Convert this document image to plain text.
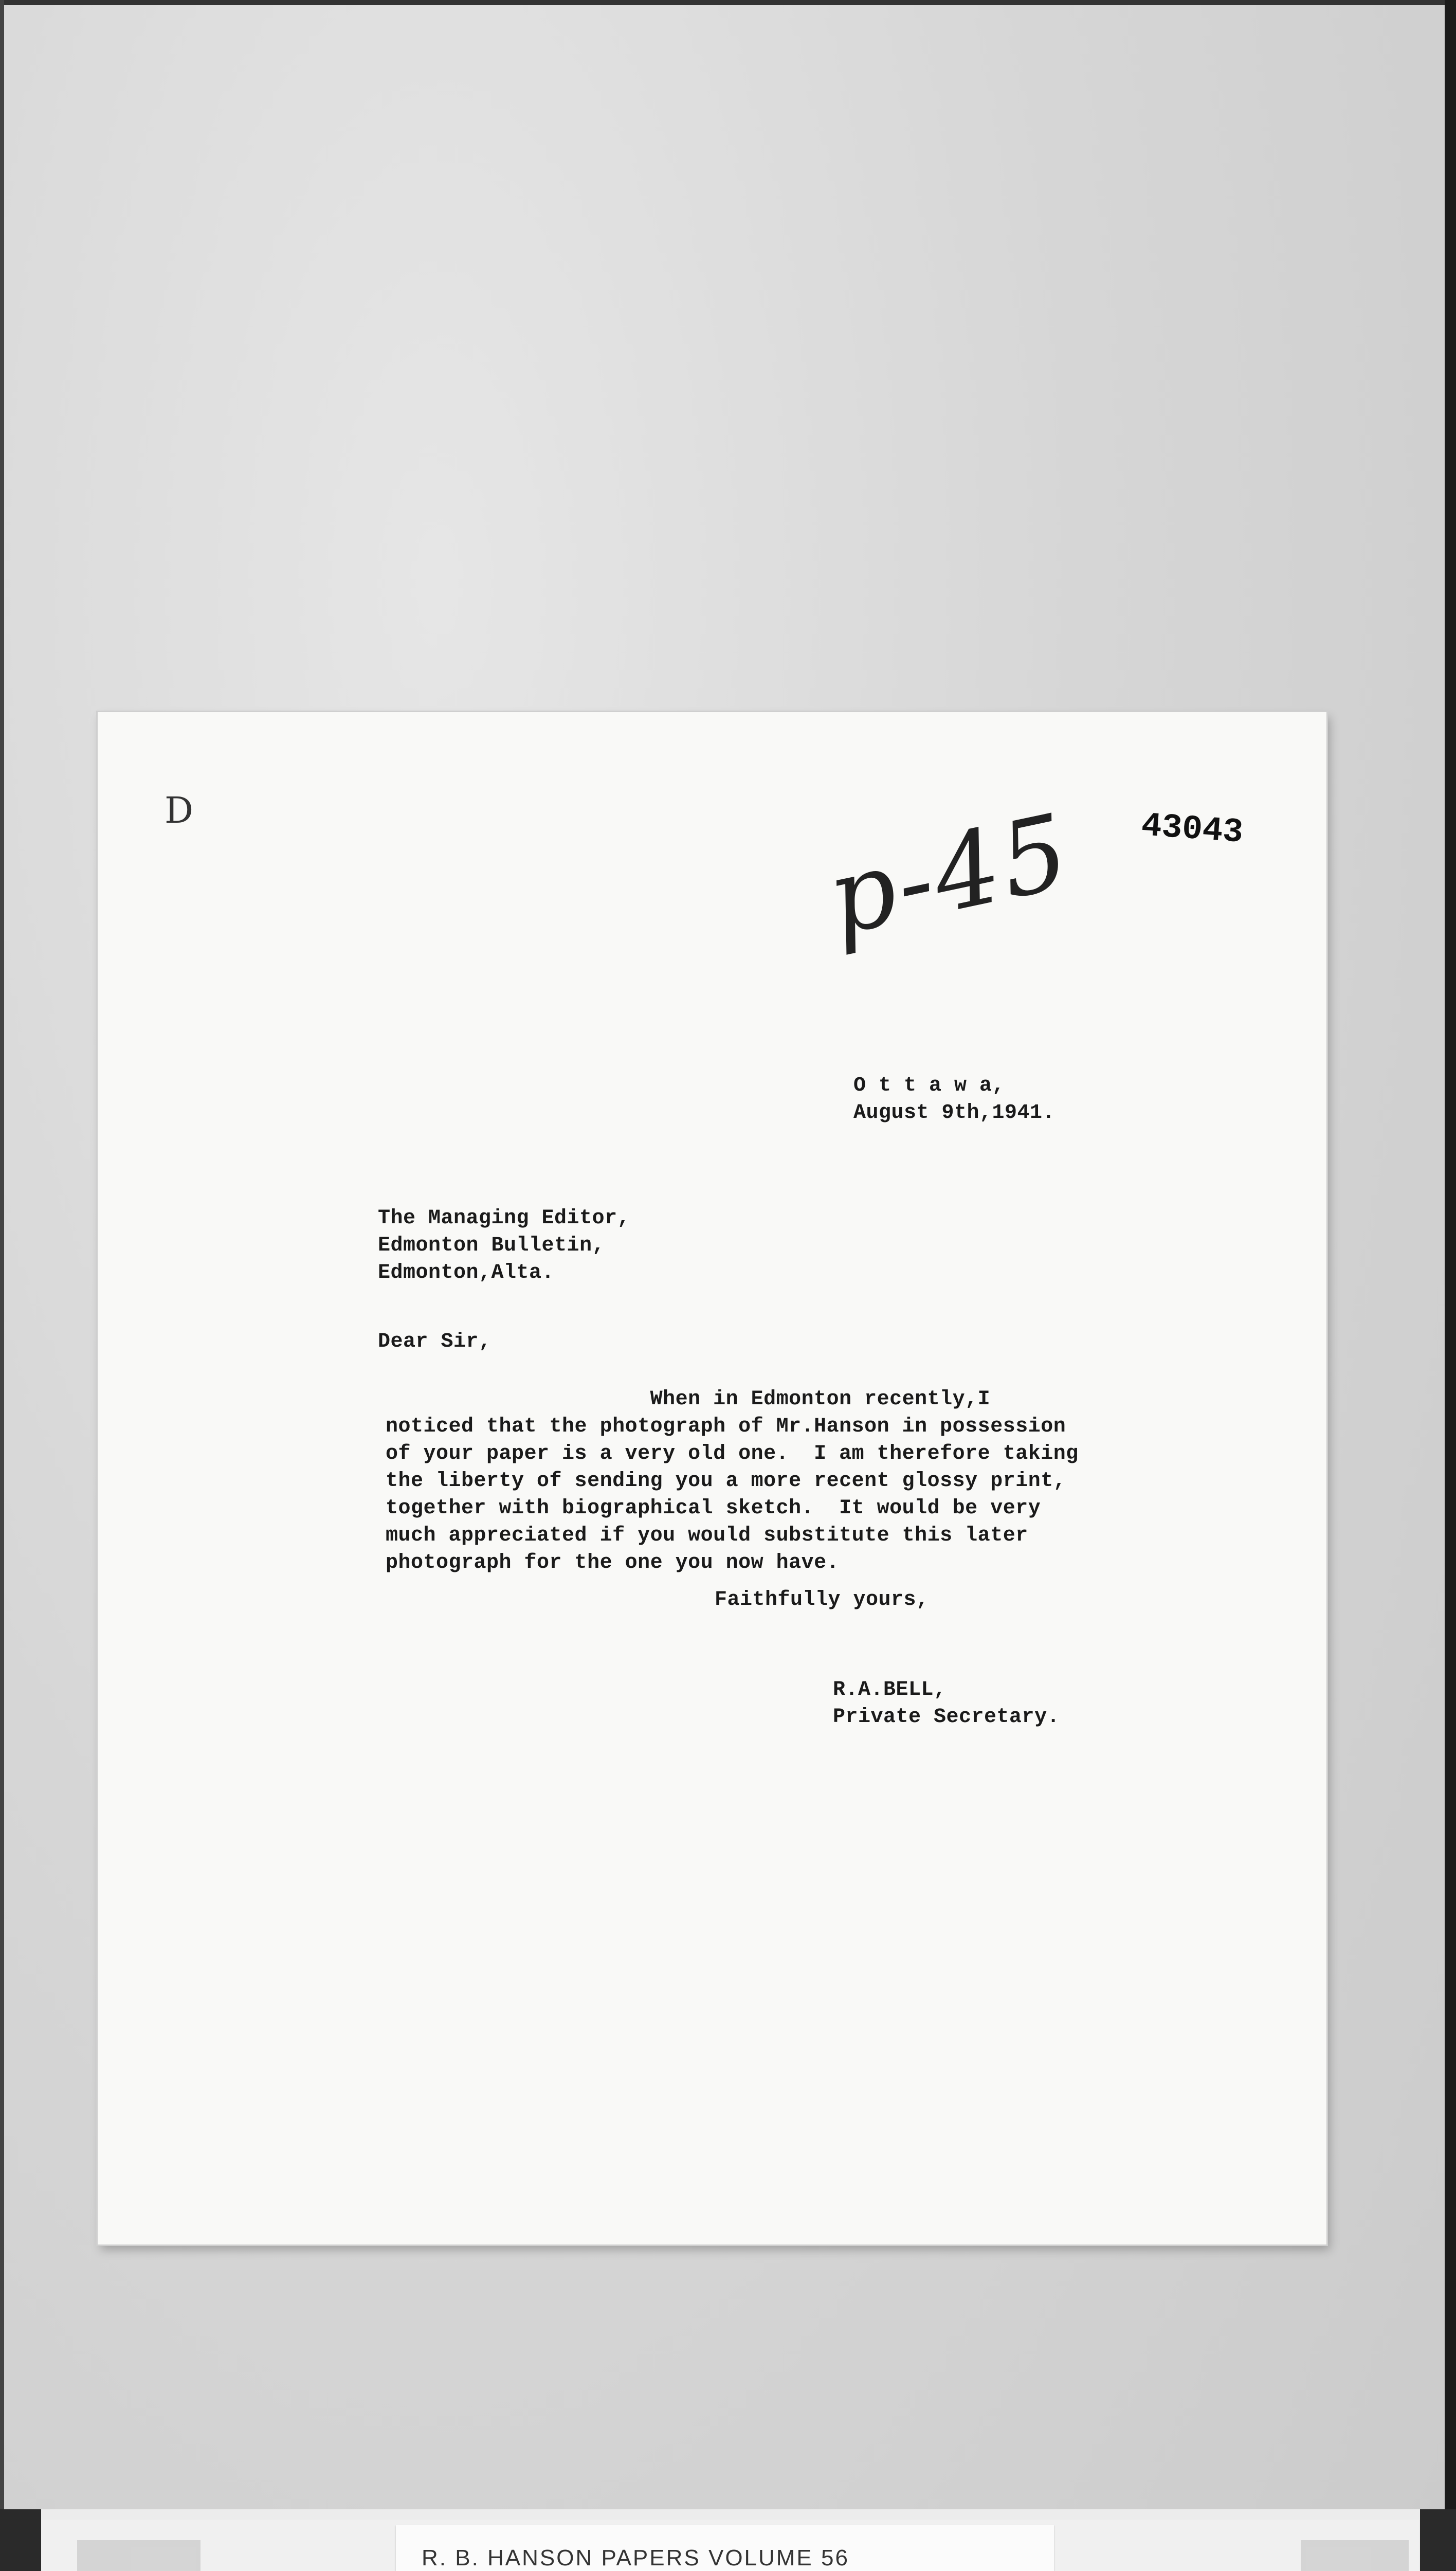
D	p-45 43043

O t t a w a,

August 9th,1941.

The Managing Editor,
Edmonton Bulletin,
Edmonton,Alta.

Dear Sir,

When in Edmonton recently,I
noticed that the photograph of Mr.Hanson in possession
of your paper is a very old one.  I am therefore taking
the liberty of sending you a more recent glossy print,
together with biographical sketch.  It would be very
much appreciated if you would substitute this later
photograph for the one you now have.

Faithfully yours,

R.A.BELL,

Private Secretary.

R. B. HANSON PAPERS VOLUME 56
